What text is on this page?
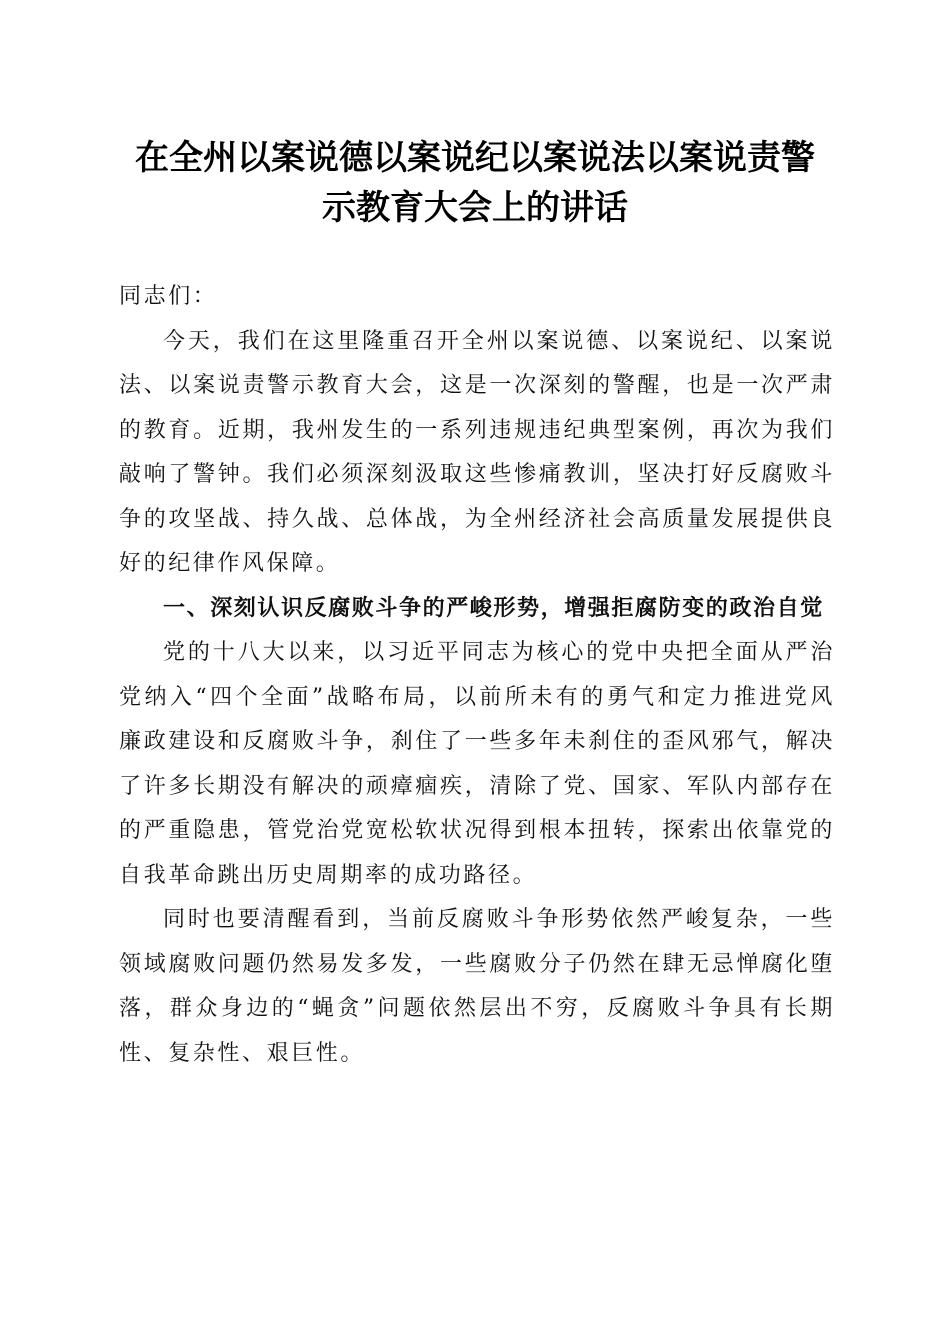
在全州以案说德以案说纪以案说法以案说责警
示教育大会上的讲话

同志们：

今天，我们在这里隆重召开全州以案说德、以案说纪、以案说法、以案说责警示教育大会，这是一次深刻的警醒，也是一次严肃的教育。近期，我州发生的一系列违规违纪典型案例，再次为我们敲响了警钟。我们必须深刻汲取这些惨痛教训，坚决打好反腐败斗争的攻坚战、持久战、总体战，为全州经济社会高质量发展提供良好的纪律作风保障。

一、深刻认识反腐败斗争的严峻形势，增强拒腐防变的政治自觉

党的十八大以来，以习近平同志为核心的党中央把全面从严治党纳入“四个全面”战略布局，以前所未有的勇气和定力推进党风廉政建设和反腐败斗争，刹住了一些多年未刹住的歪风邪气，解决了许多长期没有解决的顽瘴痼疾，清除了党、国家、军队内部存在的严重隐患，管党治党宽松软状况得到根本扭转，探索出依靠党的自我革命跳出历史周期率的成功路径。

同时也要清醒看到，当前反腐败斗争形势依然严峻复杂，一些领域腐败问题仍然易发多发，一些腐败分子仍然在肆无忌惮腐化堕落，群众身边的“蝇贪”问题依然层出不穷，反腐败斗争具有长期性、复杂性、艰巨性。
